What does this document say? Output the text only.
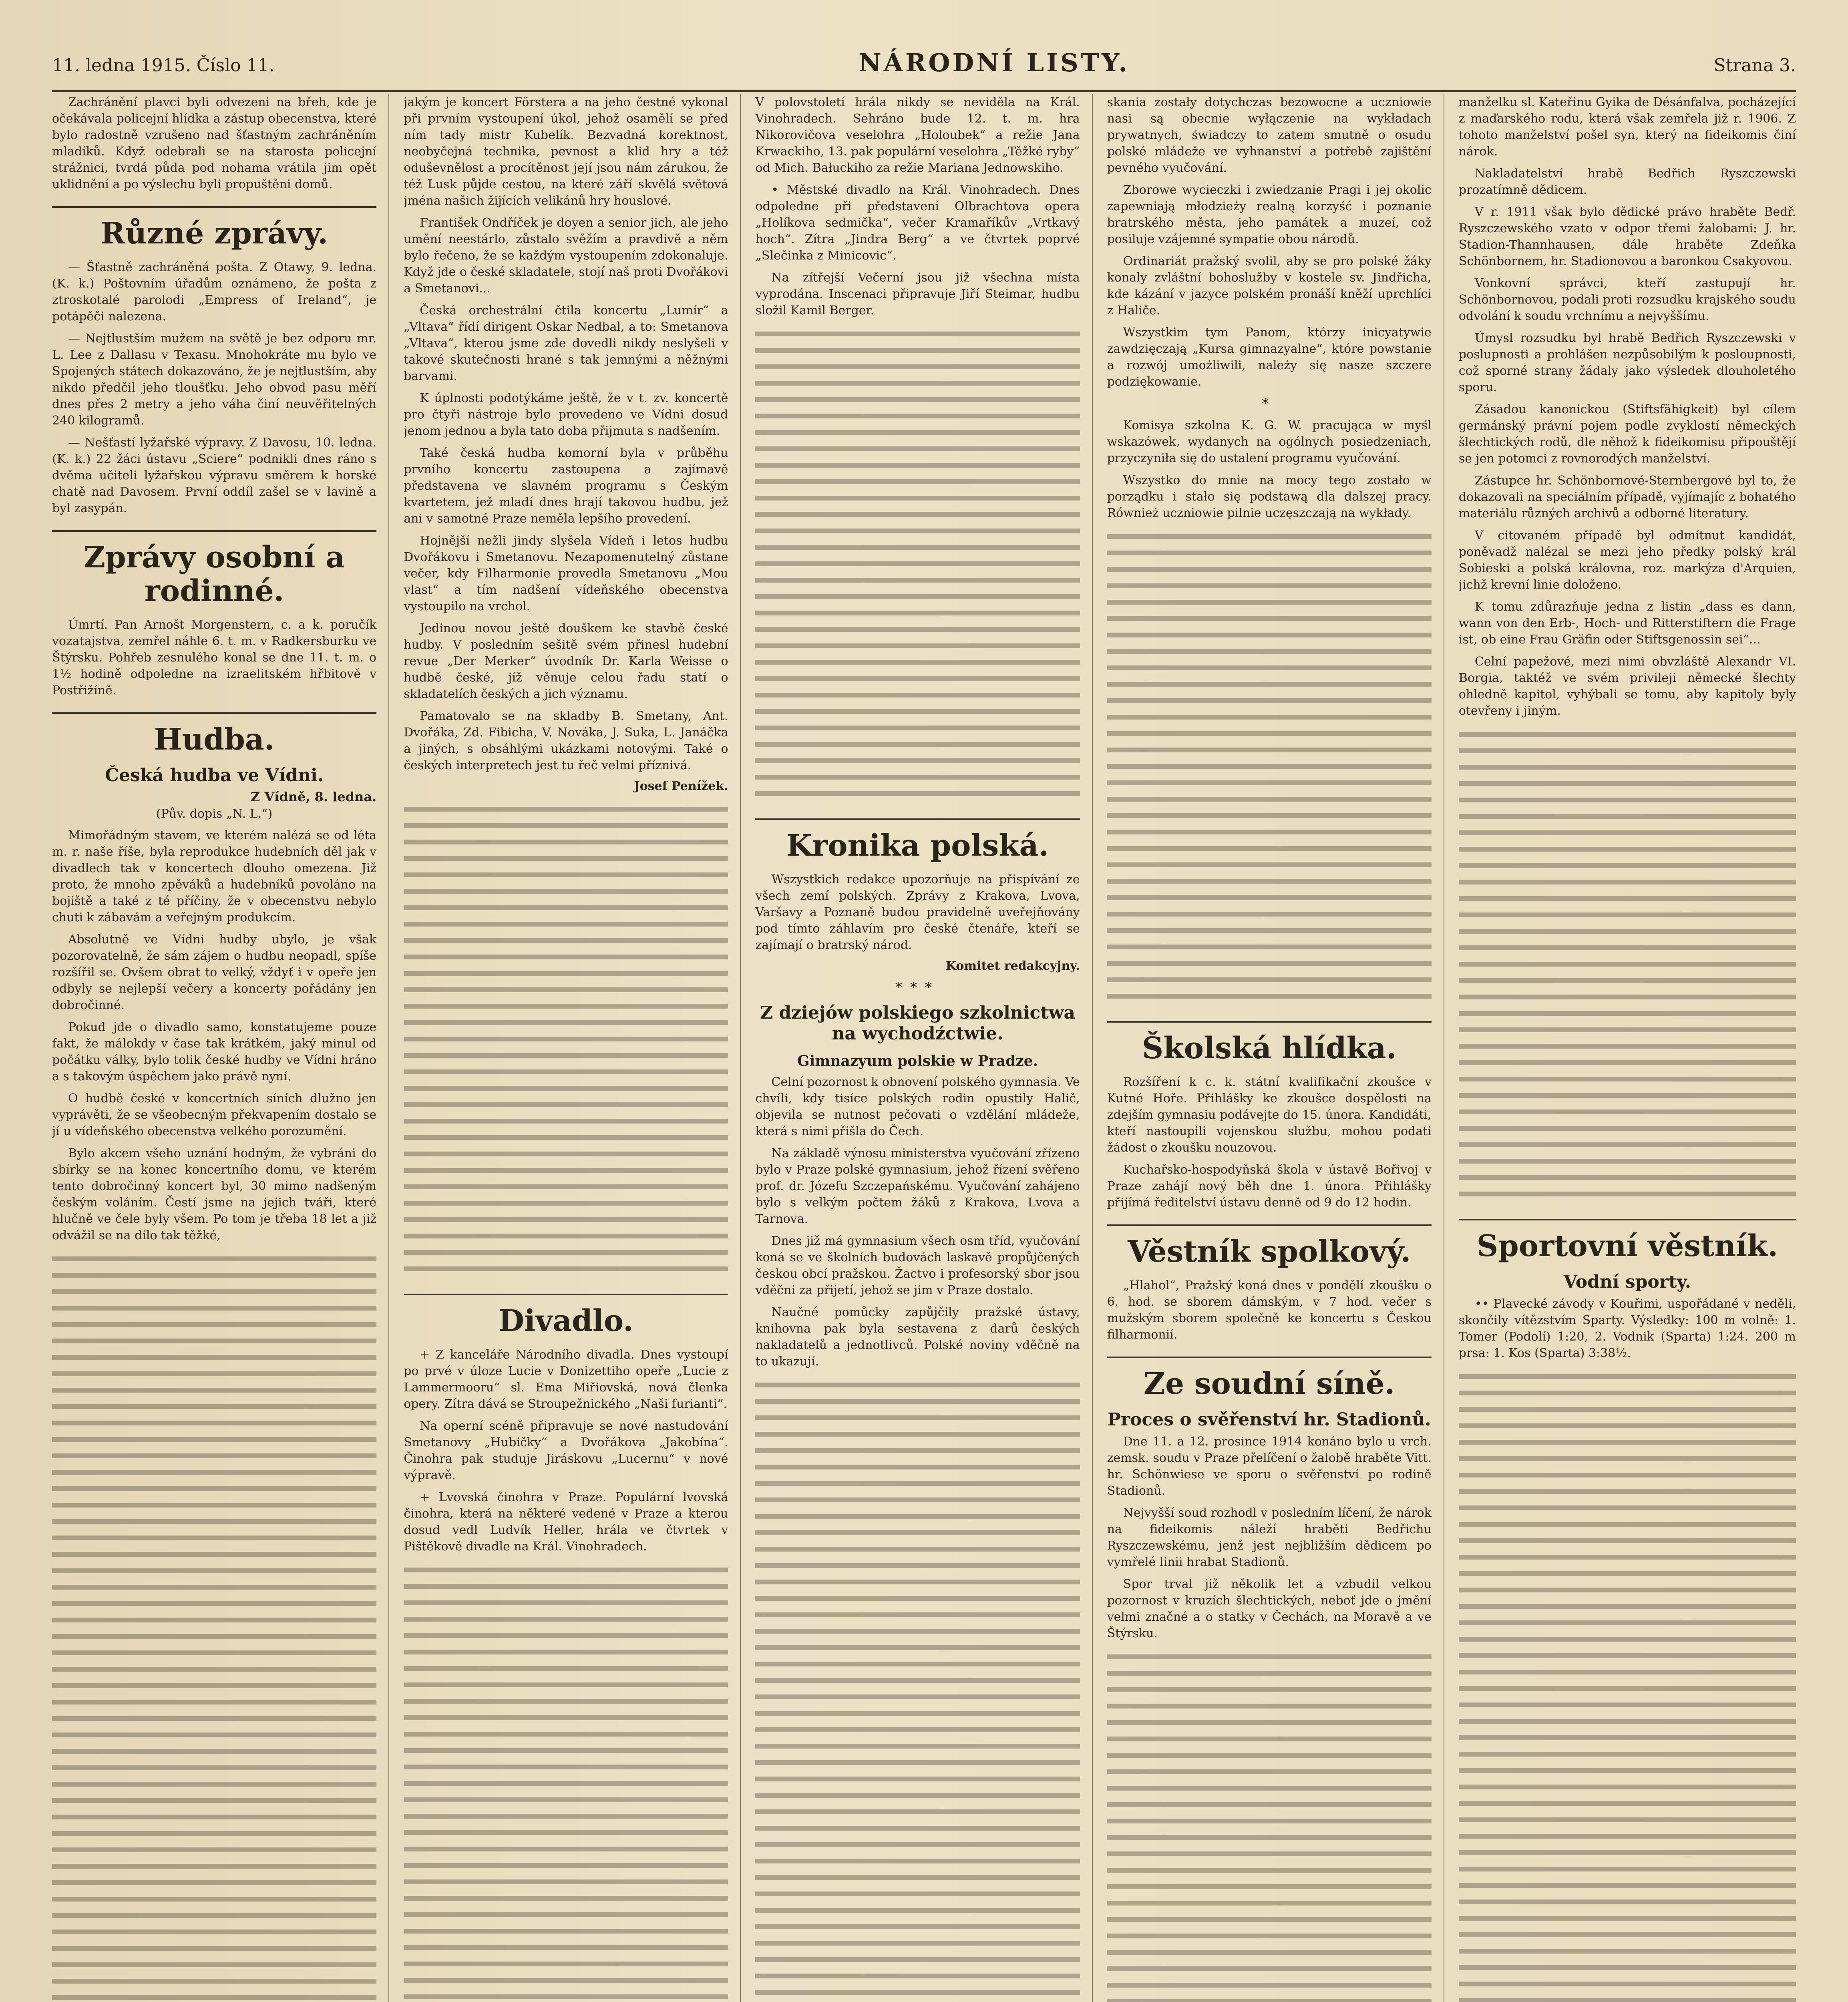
11. ledna 1915. Číslo 11.	NÁRODNÍ LISTY.	Strana 3.

Zachránění plavci byli odvezeni na břeh, kde je očekávala policejní hlídka a zástup obecenstva, které bylo radostně vzrušeno nad šťastným zachráněním mladíků. Když odebrali se na starosta policejní strážnici, tvrdá půda pod nohama vrátila jim opět uklidnění a po výslechu byli propuštěni domů.

Různé zprávy.

— Šťastně zachráněná pošta. Z Otawy, 9. ledna. (K. k.) Poštovním úřadům oznámeno, že pošta z ztroskotalé parolodi „Empress of Ireland“, je potápěči nalezena.

— Nejtlustším mužem na světě je bez odporu mr. L. Lee z Dallasu v Texasu. Mnohokráte mu bylo ve Spojených státech dokazováno, že je nejtlustším, aby nikdo předčil jeho tloušťku. Jeho obvod pasu měří dnes přes 2 metry a jeho váha činí neuvěřitelných 240 kilogramů.

— Nešťastí lyžařské výpravy. Z Davosu, 10. ledna. (K. k.) 22 žáci ústavu „Sciere“ podnikli dnes ráno s dvěma učiteli lyžařskou výpravu směrem k horské chatě nad Davosem. První oddíl zašel se v lavině a byl zasypán.

Zprávy osobní a rodinné.

Úmrtí. Pan Arnošt Morgenstern, c. a k. poručík vozatajstva, zemřel náhle 6. t. m. v Radkersburku ve Štýrsku. Pohřeb zesnulého konal se dne 11. t. m. o 1½ hodině odpoledne na izraelitském hřbitově v Postřižíně.

Hudba.
Česká hudba ve Vídni.
Z Vídně, 8. ledna.
(Pův. dopis „N. L.“)

Mimořádným stavem, ve kterém nalézá se od léta m. r. naše říše, byla reprodukce hudebních děl jak v divadlech tak v koncertech dlouho omezena. Již proto, že mnoho zpěváků a hudebníků povoláno na bojiště a také z té příčiny, že v obecenstvu nebylo chuti k zábavám a veřejným produkcím.

Absolutně ve Vídni hudby ubylo, je však pozorovatelně, že sám zájem o hudbu neopadl, spíše rozšířil se. Ovšem obrat to velký, vždyť i v opeře jen odbyly se nejlepší večery a koncerty pořádány jen dobročinné.

Pokud jde o divadlo samo, konstatujeme pouze fakt, že málokdy v čase tak krátkém, jaký minul od počátku války, bylo tolik české hudby ve Vídni hráno a s takovým úspěchem jako právě nyní.

O hudbě české v koncertních síních dlužno jen vyprávěti, že se všeobecným překvapením dostalo se jí u vídeňského obecenstva velkého porozumění.

Bylo akcem všeho uznání hodným, že vybráni do sbírky se na konec koncertního domu, ve kterém tento dobročinný koncert byl, 30 mimo nadšeným českým voláním. Čestí jsme na jejich tváři, které hlučně ve čele byly všem. Po tom je třeba 18 let a již odvážil se na dílo tak těžké,

jakým je koncert Förstera a na jeho čestné vykonal při prvním vystoupení úkol, jehož osamělí se před ním tady mistr Kubelík. Bezvadná korektnost, neobyčejná technika, pevnost a klid hry a též oduševnělost a procítěnost její jsou nám zárukou, že též Lusk půjde cestou, na které září skvělá světová jména našich žijících velikánů hry houslové.

František Ondříček je doyen a senior jich, ale jeho umění neestárlo, zůstalo svěžím a pravdivě a něm bylo řečeno, že se každým vystoupením zdokonaluje. Když jde o české skladatele, stojí naš proti Dvořákovi a Smetanovi...

Česká orchestrální čtila koncertu „Lumír“ a „Vltava“ řídí dirigent Oskar Nedbal, a to: Smetanova „Vltava“, kterou jsme zde dovedli nikdy neslyšeli v takové skutečnosti hrané s tak jemnými a něžnými barvami.

K úplnosti podotýkáme ještě, že v t. zv. koncertě pro čtyři nástroje bylo provedeno ve Vídni dosud jenom jednou a byla tato doba přijmuta s nadšením.

Také česká hudba komorní byla v průběhu prvního koncertu zastoupena a zajímavě představena ve slavném programu s Českým kvartetem, jež mladí dnes hrají takovou hudbu, jež ani v samotné Praze neměla lepšího provedení.

Hojnější nežli jindy slyšela Vídeň i letos hudbu Dvořákovu i Smetanovu. Nezapomenutelný zůstane večer, kdy Filharmonie provedla Smetanovu „Mou vlast“ a tím nadšení vídeňského obecenstva vystoupilo na vrchol.

Jedinou novou ještě douškem ke stavbě české hudby. V posledním sešitě svém přinesl hudební revue „Der Merker“ úvodník Dr. Karla Weisse o hudbě české, jíž věnuje celou řadu statí o skladatelích českých a jich významu.

Pamatovalo se na skladby B. Smetany, Ant. Dvořáka, Zd. Fibicha, V. Nováka, J. Suka, L. Janáčka a jiných, s obsáhlými ukázkami notovými. Také o českých interpretech jest tu řeč velmi příznivá.

Josef Penížek.
Divadlo.

+ Z kanceláře Národního divadla. Dnes vystoupí po prvé v úloze Lucie v Donizettiho opeře „Lucie z Lammermooru“ sl. Ema Miřiovská, nová členka opery. Zítra dává se Stroupežnického „Naši furianti“.

Na operní scéně připravuje se nové nastudování Smetanovy „Hubičky“ a Dvořákova „Jakobína“. Činohra pak studuje Jiráskovu „Lucernu“ v nové výpravě.

+ Lvovská činohra v Praze. Populární lvovská činohra, která na některé vedené v Praze a kterou dosud vedl Ludvík Heller, hrála ve čtvrtek v Pištěkově divadle na Král. Vinohradech.

V polovstoletí hrála nikdy se neviděla na Král. Vinohradech. Sehráno bude 12. t. m. hra Nikorovičova veselohra „Holoubek“ a režie Jana Krwackiho, 13. pak populární veselohra „Těžké ryby“ od Mich. Bałuckiho za režie Mariana Jednowskiho.

• Městské divadlo na Král. Vinohradech. Dnes odpoledne při představení Olbrachtova opera „Holíkova sedmička“, večer Kramaříkův „Vrtkavý hoch“. Zítra „Jindra Berg“ a ve čtvrtek poprvé „Slečinka z Minicovic“.

Na zítřejší Večerní jsou již všechna místa vyprodána. Inscenaci připravuje Jiří Steimar, hudbu složil Kamil Berger.

Kronika polská.

Wszystkich redakce upozorňuje na přispívání ze všech zemí polských. Zprávy z Krakova, Lvova, Varšavy a Poznaně budou pravidelně uveřejňovány pod tímto záhlavím pro české čtenáře, kteří se zajímají o bratrský národ.

Komitet redakcyjny.
***
Z dziejów polskiego szkolnictwa na wychodźctwie.
Gimnazyum polskie w Pradze.

Celní pozornost k obnovení polského gymnasia. Ve chvíli, kdy tisíce polských rodin opustily Halič, objevila se nutnost pečovati o vzdělání mládeže, která s nimi přišla do Čech.

Na základě výnosu ministerstva vyučování zřízeno bylo v Praze polské gymnasium, jehož řízení svěřeno prof. dr. Józefu Szczepańskému. Vyučování zahájeno bylo s velkým počtem žáků z Krakova, Lvova a Tarnova.

Dnes již má gymnasium všech osm tříd, vyučování koná se ve školních budovách laskavě propůjčených českou obcí pražskou. Žactvo i profesorský sbor jsou vděčni za přijetí, jehož se jim v Praze dostalo.

Naučné pomůcky zapůjčily pražské ústavy, knihovna pak byla sestavena z darů českých nakladatelů a jednotlivců. Polské noviny vděčně na to ukazují.

skania zostały dotychczas bezowocne a uczniowie nasi są obecnie wyłączenie na wykładach prywatnych, świadczy to zatem smutně o osudu polské mládeže ve vyhnanství a potřebě zajištění pevného vyučování.

Zborowe wycieczki i zwiedzanie Pragi i jej okolic zapewniają młodzieży realną korzyść i poznanie bratrského města, jeho památek a muzeí, což posiluje vzájemné sympatie obou národů.

Ordinariát pražský svolil, aby se pro polské žáky konaly zvláštní bohoslužby v kostele sv. Jindřicha, kde kázání v jazyce polském pronáší kněží uprchlíci z Haliče.

Wszystkim tym Panom, którzy inicyatywie zawdzięczają „Kursa gimnazyalne“, które powstanie a rozwój umożliwili, należy się nasze szczere podziękowanie.

*

Komisya szkolna K. G. W. pracująca w myśl wskazówek, wydanych na ogólnych posiedzeniach, przyczyniła się do ustalení programu vyučování.

Wszystko do mnie na mocy tego zostało w porządku i stało się podstawą dla dalszej pracy. Również uczniowie pilnie uczęszczają na wykłady.

Školská hlídka.

Rozšíření k c. k. státní kvalifikační zkoušce v Kutné Hoře. Přihlášky ke zkoušce dospělosti na zdejším gymnasiu podávejte do 15. února. Kandidáti, kteří nastoupili vojenskou službu, mohou podati žádost o zkoušku nouzovou.

Kuchařsko-hospodyňská škola v ústavě Bořivoj v Praze zahájí nový běh dne 1. února. Přihlášky přijímá ředitelství ústavu denně od 9 do 12 hodin.

Věstník spolkový.

„Hlahol“, Pražský koná dnes v pondělí zkoušku o 6. hod. se sborem dámským, v 7 hod. večer s mužským sborem společně ke koncertu s Českou filharmonií.

Ze soudní síně.
Proces o svěřenství hr. Stadionů.

Dne 11. a 12. prosince 1914 konáno bylo u vrch. zemsk. soudu v Praze přelíčení o žalobě hraběte Vitt. hr. Schönwiese ve sporu o svěřenství po rodině Stadionů.

Nejvyšší soud rozhodl v posledním líčení, že nárok na fideikomis náleží hraběti Bedřichu Ryszczewskému, jenž jest nejbližším dědicem po vymřelé linii hrabat Stadionů.

Spor trval již několik let a vzbudil velkou pozornost v kruzích šlechtických, neboť jde o jmění velmi značné a o statky v Čechách, na Moravě a ve Štýrsku.

manželku sl. Kateřinu Gyika de Désánfalva, pocházející z maďarského rodu, která však zemřela již r. 1906. Z tohoto manželství pošel syn, který na fideikomis činí nárok.

Nakladatelství hrabě Bedřich Ryszczewski prozatímně dědicem.

V r. 1911 však bylo dědické právo hraběte Bedř. Ryszczewského vzato v odpor třemi žalobami: J. hr. Stadion-Thannhausen, dále hraběte Zdeňka Schönbornem, hr. Stadionovou a baronkou Csakyovou.

Vonkovní správci, kteří zastupují hr. Schönbornovou, podali proti rozsudku krajského soudu odvolání k soudu vrchnímu a nejvyššímu.

Úmysl rozsudku byl hrabě Bedřich Ryszczewski v poslupnosti a prohlášen nezpůsobilým k posloupnosti, což sporné strany žádaly jako výsledek dlouholetého sporu.

Zásadou kanonickou (Stiftsfähigkeit) byl cílem germánský právní pojem podle zvyklostí německých šlechtických rodů, dle něhož k fideikomisu připouštějí se jen potomci z rovnorodých manželství.

Zástupce hr. Schönbornové-Sternbergové byl to, že dokazovali na speciálním případě, vyjímajíc z bohatého materiálu různých archivů a odborné literatury.

V citovaném případě byl odmítnut kandidát, poněvadž nalézal se mezi jeho předky polský král Sobieski a polská královna, roz. markýza d'Arquien, jichž krevní linie doloženo.

K tomu zdůrazňuje jedna z listin „dass es dann, wann von den Erb-, Hoch- und Ritterstiftern die Frage ist, ob eine Frau Gräfin oder Stiftsgenossin sei“...

Celní papežové, mezi nimi obvzláště Alexandr VI. Borgia, taktéž ve svém privileji německé šlechty ohledně kapitol, vyhýbali se tomu, aby kapitoly byly otevřeny i jiným.

Sportovní věstník.
Vodní sporty.

•• Plavecké závody v Kouřimi, uspořádané v neděli, skončily vítězstvím Sparty. Výsledky: 100 m volně: 1. Tomer (Podolí) 1:20, 2. Vodnik (Sparta) 1:24. 200 m prsa: 1. Kos (Sparta) 3:38½.
